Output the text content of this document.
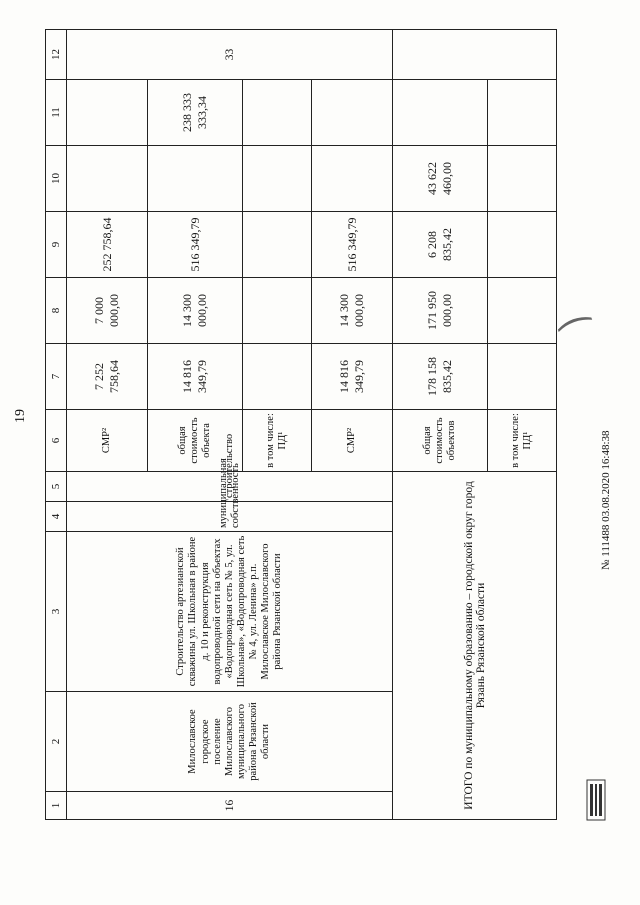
19
1	2	3	4	5	6	7	8	9	10	11	12
16	Милославское городское поселение Милославского муниципального района Рязанской области	Строительство артезианской скважины ул. Школьная в районе д. 10 и реконструкция водопроводной сети на объектах «Водопроводная сеть № 5, ул. Школьная», «Водопроводная сеть № 4, ул. Ленина» р.п. Милославское Милославского района Рязанской области	муниципальная собственность	строительство	СМР²	7 252 758,64	7 000 000,00	252 758,64			33
					общая стоимость объекта	14 816 349,79	14 300 000,00	516 349,79		238 333 333,34	
					в том числе: ПД¹						
					СМР²	14 816 349,79	14 300 000,00	516 349,79			
ИТОГО по муниципальному образованию – городской округ город Рязань Рязанской области					общая стоимость объектов	178 158 835,42	171 950 000,00	6 208 835,42	43 622 460,00		
					в том числе: ПД¹						
⁀
№ 111488 03.08.2020 16:48:38
